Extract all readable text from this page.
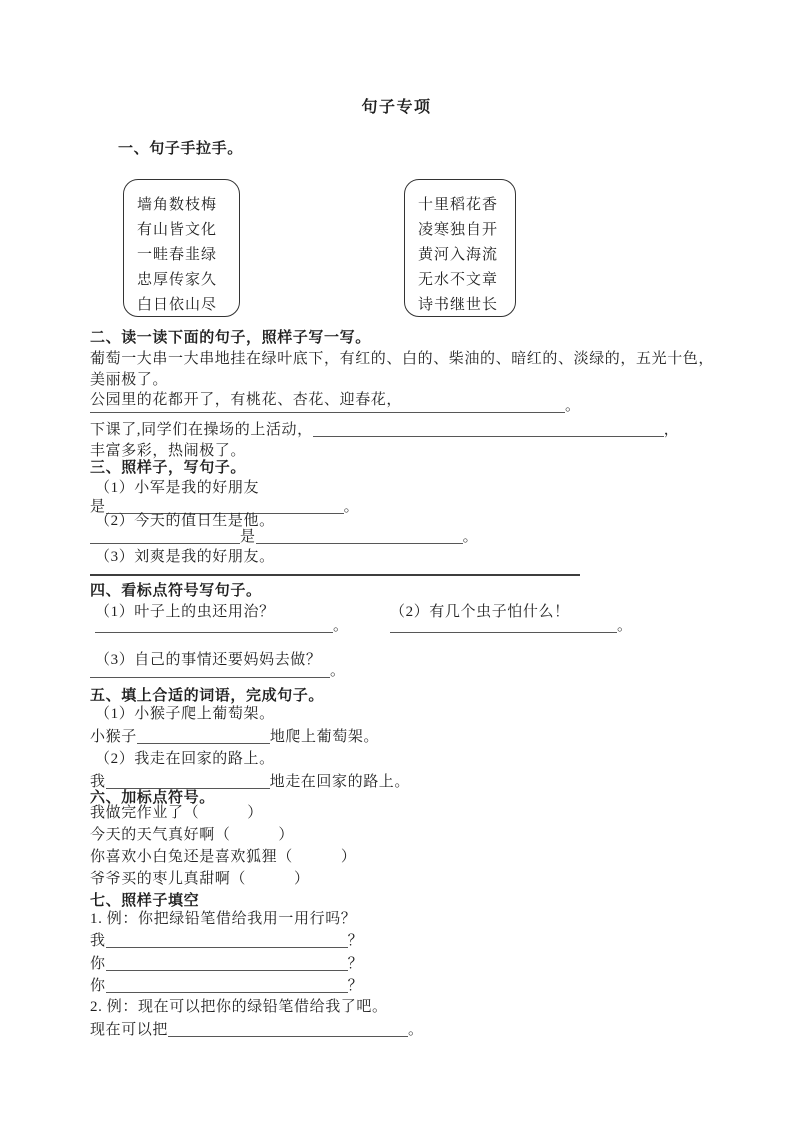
句子专项
一、句子手拉手。
墙角数枝梅
有山皆文化
一畦春韭绿
忠厚传家久
白日依山尽
十里稻花香
凌寒独自开
黄河入海流
无水不文章
诗书继世长
二、读一读下面的句子，照样子写一写。
葡萄一大串一大串地挂在绿叶底下，有红的、白的、柴油的、暗红的、淡绿的，五光十色，
美丽极了。
公园里的花都开了，有桃花、杏花、迎春花，	。
下课了,同学们在操场的上活动，	，
丰富多彩，热闹极了。
三、照样子，写句子。
（1）小军是我的好朋友
是	。
（2）今天的值日生是他。
是	。
（3）刘爽是我的好朋友。
四、看标点符号写句子。
（1）叶子上的虫还用治？	（2）有几个虫子怕什么！
。	。
（3）自己的事情还要妈妈去做？
。
五、填上合适的词语，完成句子。
（1）小猴子爬上葡萄架。
小猴子	地爬上葡萄架。
（2）我走在回家的路上。
我	地走在回家的路上。
六、加标点符号。
我做完作业了（	）
今天的天气真好啊（	）
你喜欢小白兔还是喜欢狐狸（	）
爷爷买的枣儿真甜啊（	）
七、照样子填空
1. 例：你把绿铅笔借给我用一用行吗？
我	？
你	？
你	？
2. 例：现在可以把你的绿铅笔借给我了吧。
现在可以把	。
